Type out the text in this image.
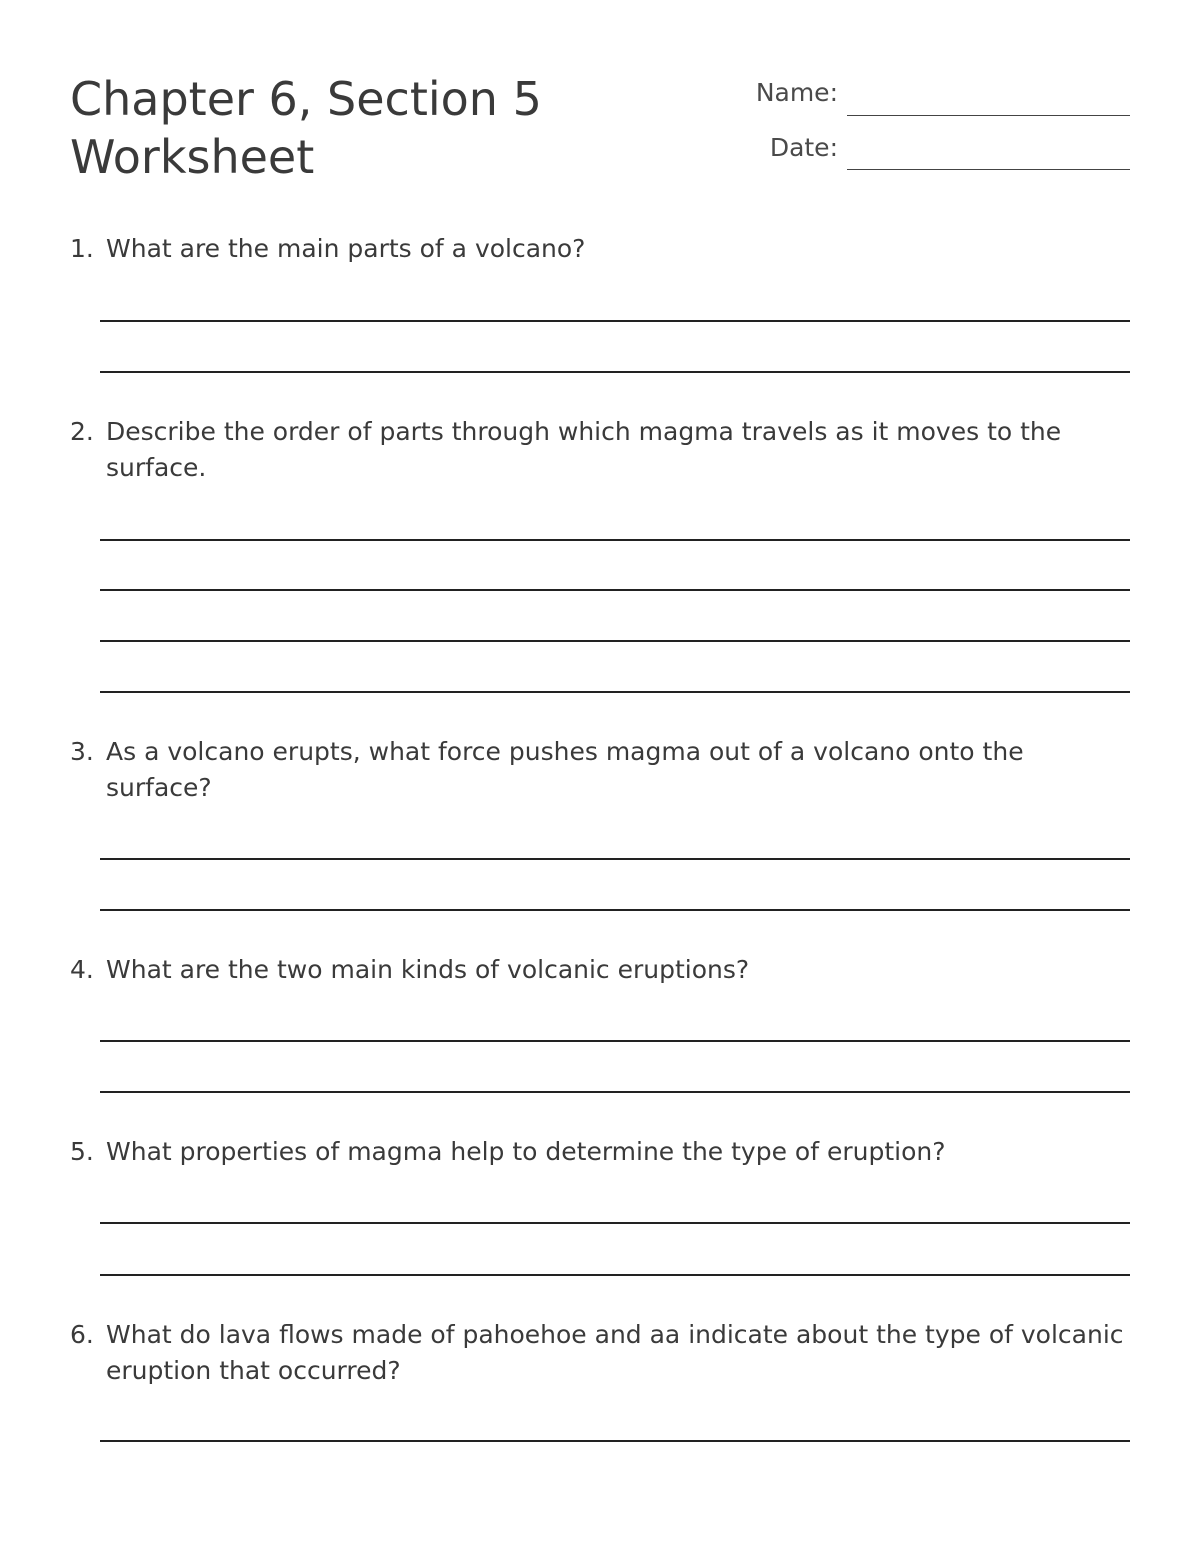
Chapter 6, Section 5
Worksheet
Name:
Date:
1. What are the main parts of a volcano?
2. Describe the order of parts through which magma travels as it moves to the surface.
3. As a volcano erupts, what force pushes magma out of a volcano onto the surface?
4. What are the two main kinds of volcanic eruptions?
5. What properties of magma help to determine the type of eruption?
6. What do lava flows made of pahoehoe and aa indicate about the type of volcanic eruption that occurred?
